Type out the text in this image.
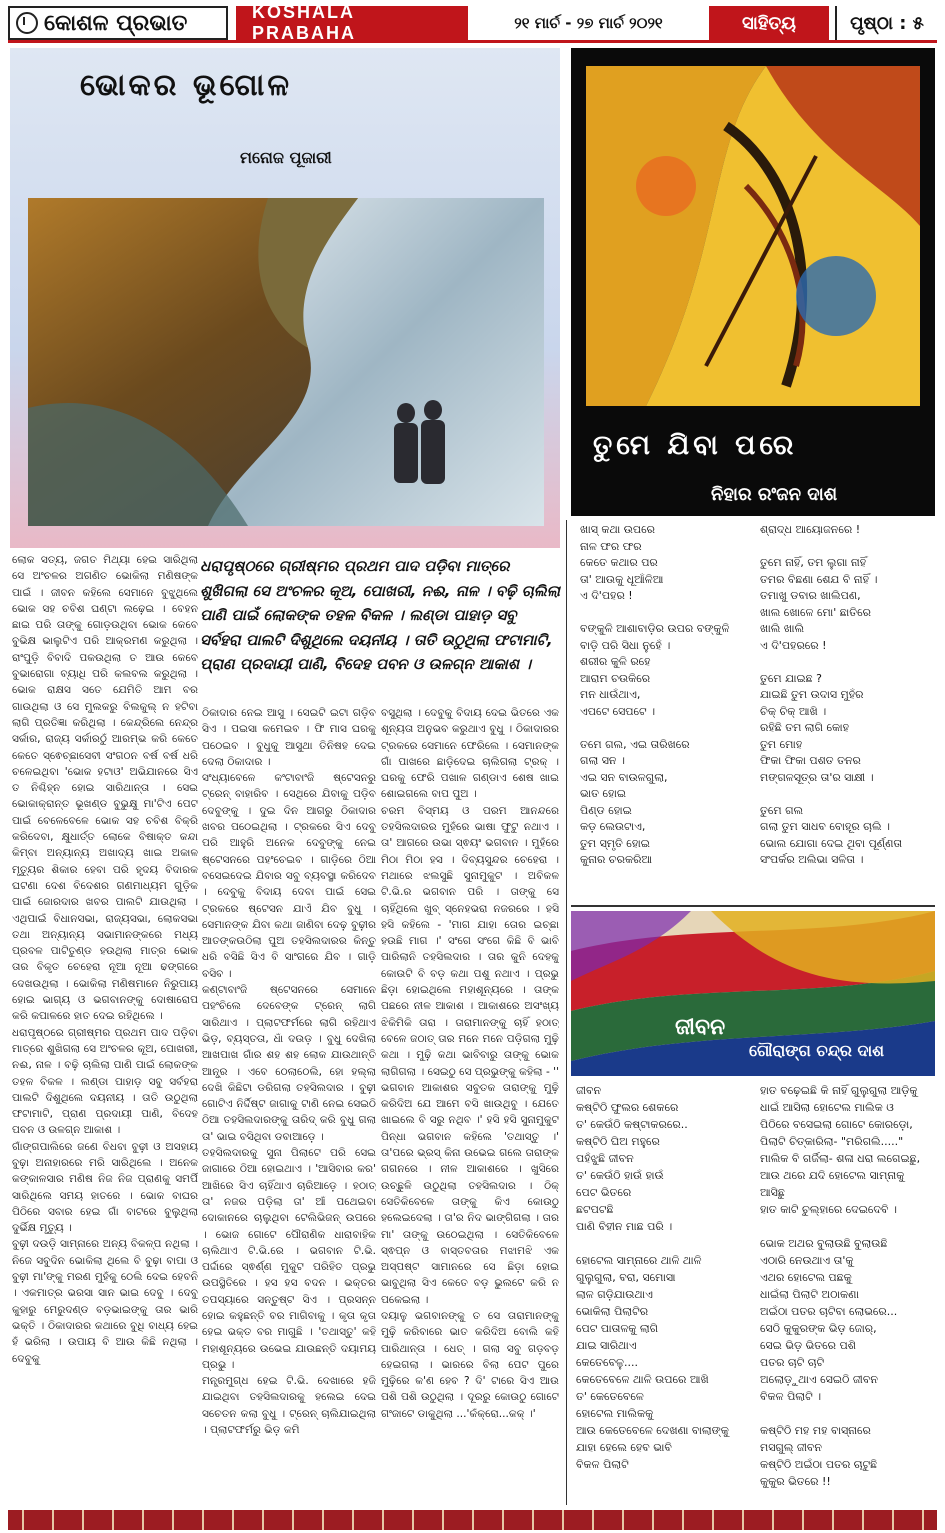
କୋଶଳ ପ୍ରଭାତ	KOSHALA PRABAHA	୨୧ ମାର୍ଚ - ୨୭ ମାର୍ଚ ୨୦୨୧	ସାହିତ୍ୟ	ପୃଷ୍ଠା : ୫
ଭୋକର ଭୂଗୋଳ
ମନୋଜ ପୂଜାରୀ
ତୁମେ ଯିବା ପରେ
ନିହାର ରଂଜନ ଦାଶ
ଧରାପୃଷ୍ଠରେ ଗ୍ରୀଷ୍ମର ପ୍ରଥମ ପାଦ ପଡ଼ିବା ମାତ୍ରେ ଶୁଖିଗଲା ସେ ଅଂଚଳର କୂଅ, ପୋଖରୀ, ନଈ, ନାଳ । ବଢ଼ି ଚାଲିଲା ପାଣି ପାଇଁ ଲୋକଙ୍କ ତହଳ ବିକଳ । ଲଣ୍ଡା ପାହାଡ଼ ସବୁ ସର୍ବହରା ପାଲଟି ଦିଶୁଥିଲେ ଦୟନୀୟ । ତାତି ଉଠୁଥିଲା ଫଟାମାଟି, ପ୍ରାଣ ପ୍ରଦାୟୀ ପାଣି, ବିଦେହ ପବନ ଓ ଉଳଗ୍ନ ଆକାଶ ।
ଲୋକ ସତ୍ୟ, ଜଗତ ମିଥ୍ୟା ହେଇ ସାରିଥିଲା ସେ ଅଂଚଳର ଅଗଣିତ ଭୋକିଲା ମଣିଷଙ୍କ ପାଇଁ । ଜୀବନ କହିଲେ ସେମାନେ ବୁଝୁଥିଲେ ଭୋକ ସହ ଚବିଶ ଘଣ୍ଟା ଲଢ଼େଇ । ବେହନ ଛାଇ ପରି ତାଙ୍କୁ ଗୋଡ଼ଉଥିବା ଭୋକ କେବେ ବୁଭିକ୍ଷ ଭାଲୁଟିଏ ପରି ଆକ୍ରମଣ କରୁଥିଲା । ରାଂପୁଡ଼ି ବିବାଦି ପକଉଥିଲା ତ ଆଉ କେବେ ବୁଭାରୋଗା ବ୍ୟାଧି ପରି କଲବଲ କରୁଥିଲା । ଭୋକ ରାକ୍ଷସ ସତେ ଯେମିତି ଆମ ବର ଗାଉଥିଲା ଓ ସେ ମୁଲକରୁ ବିଲକୁଲ୍ ନ ହଟିବା ଲାଗି ପ୍ରତିଜ୍ଞା କରିଥିଲା । କେନ୍ଦ୍ରିଲେ ନେନ୍ଦ୍ର ସର୍କାର, ରାଜ୍ୟ ସର୍କାରଠୁଁ ଆରମ୍ଭ କରି କେତେ କେତେ ସ୍ଵେଚ୍ଛାସେବୀ ସଂଗଠନ ବର୍ଷ ବର୍ଷ ଧରି ଚଳେଇଥିବା 'ଭୋକ ହଟାଓ' ଅଭିଯାନରେ ସିଏ ତ ନିଶ୍ଚିହ୍ନ ହୋଇ ସାରିଥାନ୍ତା । ସେଇ ଭୋକାକ୍ରାନ୍ତ ଭୂଖଣ୍ଡ ବୁଭୁକ୍ଷୁ ମା'ଟିଏ ପେଟ ପାଇଁ ବେଳେବେଳେ ଭୋକ ସହ ଚବିଶ ବିକ୍ରି କରିଦେବା, କ୍ଷୁଧାର୍ତ୍ତ ଲୋକେ ବିଷାକ୍ତ କନ୍ଦା କିମ୍ବା ଅନ୍ୟାନ୍ୟ ଅଖାଦ୍ୟ ଖାଇ ଅକାଳ ମୃତ୍ୟୁର ଶିକାର ହେବା ପରି ହୃଦୟ ବିଦାରକ ଘଟଣା ଦେଶ ବିଦେଶର ଗଣମାଧ୍ୟମ ଗୁଡ଼ିକ ପାଇଁ ଜୋରଦାର ଖବର ପାଲଟି ଯାଉଥିଲା । ଏଥିପାଇଁ ବିଧାନସଭା, ରାଜ୍ୟସଭା, ଲୋକସଭା ତଥା ଅନ୍ୟାନ୍ୟ ସଭାମାନଙ୍କରେ ମଧ୍ୟ ପ୍ରବଳ ପାଟିତୁଣ୍ଡ ହଉଥିଲା ମାତ୍ର ଭୋକ ତାର ବିକୃତ ଚେହେରା ନୂଆ ନୂଆ ଢଙ୍ଗରେ ଦେଖଉଥିଲା । ଭୋକିଲା ମଣିଷମାନେ ନିରୁପାୟ ହୋଇ ଭାଗ୍ୟ ଓ ଭଗବାନଙ୍କୁ ଦୋଷାରୋପ କରି କପାଳରେ ହାତ ଦେଇ ରହିଥିଲେ ।
ଧରାପୃଷ୍ଠରେ ଗ୍ରୀଷ୍ମର ପ୍ରଥମ ପାଦ ପଡ଼ିବା ମାତ୍ରେ ଶୁଖିଗଲା ସେ ଅଂଚଳର କୂଅ, ପୋଖରୀ, ନଈ, ନାଳ । ବଢ଼ି ଚାଲିଲା ପାଣି ପାଇଁ ଲୋକଙ୍କ ତହଳ ବିକଳ । ଲଣ୍ଡା ପାହାଡ଼ ସବୁ ସର୍ବହରା ପାଲଟି ଦିଶୁଥିଲେ ଦୟନୀୟ । ତାତି ଉଠୁଥିଲା ଫଟାମାଟି, ପ୍ରାଣ ପ୍ରଦାୟୀ ପାଣି, ବିଦେହ ପବନ ଓ ଉଳଗ୍ନ ଆକାଶ ।
ଗାଁଙ୍ଗପାଲିରେ ଜଣେ ବିଧବା ବୁଢ଼ୀ ଓ ଅସହାୟ ବୁଢ଼ା ଅନାହାରରେ ମରି ସାରିଥିଲେ । ଅନେକ କଙ୍କାଳସାର ମଣିଷ ନିଜ ନିଜ ପ୍ରାଣକୁ ସମର୍ପି ସାରିଥିଲେ ସମୟ ହାତରେ । ଭୋକ ବାଘର ପିଠିରେ ସବାର ହେଇ ଗାଁ ବାଟରେ ବୁଲୁଥିଲା ଦୁର୍ଭିକ୍ଷ ମୃତ୍ୟୁ ।
ବୁଢ଼ୀ ଦଉଡ଼ି ସାମ୍ନାରେ ଅନ୍ୟ ବିକଳ୍ପ ନଥିଲା । ନିଜେ ସବୁଦିନ ଭୋକିଲା ଥିଲେ ବି ବୁଢ଼ା ବାପା ଓ ବୁଢ଼ୀ ମା'ଙ୍କୁ ମରଣ ମୁହଁକୁ ଠେଲି ଦେଇ ହେବନି । ଏକମାତ୍ର ଭରସା ସାନ ଭାଇ ଦେବୁ । ଦେବୁ କୁହାରୁ ମେରୁଦଣ୍ଡ ବଡ଼ଭାଇଙ୍କୁ ତାର ଭାରି ଭକ୍ତି । ଠିକାଦାରର କଥାରେ ବୁଧି ବାଧ୍ୟ ହେଇ ହଁ ଭରିଲା । ଉପାୟ ବି ଆଉ କିଛି ନଥିଲା । ଦେବୁକୁ
ଠିକାଦାର ନେଇ ଆସୁ । ସେଇଟି ଇଟା ଗଡ଼ିବ ସିଏ । ପଇସା କମେଇବ । ଫି ମାସ ଘରକୁ ପଠେଇବ । ବୁଧୁକୁ ଆସୁଥା ତିନିଷହ ଦେଇ ଦେଲା ଠିକାଦାର ।
ସଂଧ୍ୟାବେଳେ କଂଟାବାଂଜି ଷ୍ଟେସନରୁ ଟ୍ରେନ୍ ବାହାରିବ । ସେଥିରେ ଯିବାକୁ ପଡ଼ିବ ଦେବୁଙ୍କୁ । ଦୁଇ ଦିନ ଆଗରୁ ଠିକାଦାର ଖବର ପଠେଇଥିଲା । ଟ୍ରକରେ ସିଏ ଦେବୁ ପରି ଆହୁରି ଅନେକ ଦେବୁଙ୍କୁ ନେଇ ଷ୍ଟେସନରେ ପହଂଚେଇବ । ଗାଡ଼ିରେ ଠିଆ ବସେଇଦେଇ ଯିବାର ସବୁ ବ୍ୟବସ୍ଥା କରିଦେବ । ଦେବୁକୁ ବିଦାୟ ଦେବା ପାଇଁ ସେଇ ଟ୍ରକରେ ଷ୍ଟେସନ ଯାଏଁ ଯିବ ବୁଧୁ । ସେମାନଙ୍କ ଯିବା କଥା ଜାଣିବା ଦେଢ଼ ବୁଢ଼ୀର ଆତଙ୍କଉଠିଲା ପୁଅ ତହସିଲଦାରର କିନ୍ତୁ ଧରି ବସିଛି ସିଏ ବି ସାଂଗରେ ଯିବ । ଗାଡ଼ି ବସିବ ।
କଣ୍ଟାବାଂଜି ଷ୍ଟେସନରେ ସେମାନେ ପହଂଚିଲେ ଦେବେଙ୍କ ଟ୍ରେନ୍ ଲାଗି ସାରିଥାଏ । ପ୍ଲାଟଫର୍ମରେ ଲାଗି ରହିଥାଏ ଭିଡ଼, ବ୍ୟସ୍ତତା, ଧାଁ ଦଉଡ଼ । ବୁଧୁ ଦେଖିଲା ଆଖପାଖ ଗାଁର ଶହ ଶହ ଲୋକ ଯାଉଥାନ୍ତି ଆନ୍ଧ୍ର । ଏବେ ଠେଲାଠେଲି, ହୋ ହଲ୍ଲା ଦେଖି କିଛିଟା ଡରିଗଲା ତହସିଲଦାର । ବୁଢ଼ୀ ଗୋଟିଏ ନିର୍ଦ୍ଦିଷ୍ଟ ଜାଗାକୁ ଟାଣି ନେଇ ସେଇଠି ଠିଆ ତହସିଲଦାରଙ୍କୁ ତାରିଦ୍ କରି ବୁଧୁ ଗଲା ତା' ଭାଇ ବସିଥିବା ଡବାଆଡ଼େ ।
ତହସିଲଦାରକୁ ସୁନା ପିଲାଟେ ପରି ସେଇ ଜାଗାରେ ଠିଆ ହୋଇଥାଏ । 'ଆସିବାର କର' ଆଖିରେ ସିଏ ଚାହିଁଥାଏ ଚାରିଆଡ଼େ । ହଠାତ୍ ତା' ନଜର ପଡ଼ିଲା ତା' ଆଁ ପଥେଇବା ଦୋକାନରେ ଚାଲୁଥିବା ଟେଲିଭିଜନ୍ ଉପରେ । ଭୋଜ ଗୋଟେ ପୌରାଣିକ ଧାରାବାହିକ ଚାଲିଥାଏ ଟି.ଭି.ରେ । ଭଗବାନ ଟି.ଭି. ପର୍ଦ୍ଦାରେ ସ୍ଵର୍ଣ୍ଣ ମୁକୁଟ ପରିହିତ ପ୍ରଭୁ ଉପସ୍ଥିତିରେ । ହସ ହସ ବଦନ । ଭକ୍ତର ତପସ୍ୟାରେ ସନ୍ତୁଷ୍ଟ ସିଏ । ପ୍ରସନ୍ନ ହୋଇ କହୁଛନ୍ତି ବର ମାଗିବାକୁ । କୃତା କୃତା ହେଇ ଭକ୍ତ ବର ମାଗୁଛି । 'ତଥାସ୍ତୁ' କହି ମହାଶୂନ୍ୟରେ ଉଭେଇ ଯାଉଛନ୍ତି ଦୟାମୟ ପ୍ରଭୁ ।
ମନ୍ତ୍ରମୁଗ୍ଧ ହେଇ ଟି.ଭି. ଦେଖାରେ ହଜି ଯାଇଥିବା ତହସିଲଦାରକୁ ହଲେଇ ଦେଇ ସଚେତନ କଲା ବୁଧୁ । ଟ୍ରେନ୍ ଚାଲିଯାଇଥିଲା । ପ୍ଲାଟଫର୍ମରୁ ଭିଡ଼ କମି
ବସୁଥିଲା । ଦେବୁକୁ ବିଦାୟ ଦେଇ ଭିତରେ ଏକ ଶୂନ୍ୟତା ଅନୁଭବ କରୁଥାଏ ବୁଧୁ । ଠିକାଦାରର ଟ୍ରକରେ ସେମାନେ ଫେରିଲେ । ସେମାନଙ୍କ ଗାଁ ପାଖରେ ଛାଡ଼ିଦେଇ ଚାଲିଗଲା ଟ୍ରକ୍ । ଘରକୁ ଫେରି ପଖାଳ ଗଣ୍ଡାଏ ଶେଷ ଖାଇ ଶୋଇଗଲେ ବାପ ପୁଅ ।
ଚରମ ବିସ୍ମୟ ଓ ପରମ ଆନନ୍ଦରେ ତହସିଲଦାରର ମୁହଁରେ ଭାଷା ଫୁଟୁ ନଥାଏ । ତା' ଆଗରେ ଉଭା ସ୍ଵୟଂ ଭଗବାନ । ମୁହଁରେ ମିଠା ମିଠା ହସ । ଦିବ୍ୟସୁନ୍ଦର ଚେହେରା । ମଥାରେ ଝଲସୁଛି ସୁନାମୁକୁଟ । ଅବିକଳ ଟି.ଭି.ର ଭଗବାନ ପରି । ତାଙ୍କୁ ସେ ଚାହିଁଥିଲେ ଖୁବ୍ ସ୍ନେହଭରା ନଜରରେ । ହସି ହସି କହିଲେ - 'ମାଗ ଯାହା ତୋର ଇଚ୍ଛା ହଉଛି ମାଗ ।' ସଂଗେ ସଂଗେ କିଛି ବି ଭାବି ପାରିଲାନି ତହସିଲଦାର । ତାର କୁନି ଦେହକୁ କୋଉଟି ବି ବଡ଼ କଥା ପଶୁ ନଥାଏ । ପ୍ରଭୁ ଛିଡ଼ା ହୋଇଥିଲେ ମହାଶୂନ୍ୟରେ । ତାଙ୍କ ପଛରେ ନୀଳ ଆକାଶ । ଆକାଶରେ ଅସଂଖ୍ୟ ଝିକିମିକି ତାରା । ତାରାମାନଙ୍କୁ ଚାହିଁ ହଠାତ୍ ବେଳେ ଜଠାତ୍ ତାର ମନେ ମନେ ପଡ଼ିଗଲା ମୁଢ଼ି କଥା । ମୁଢ଼ି କଥା ଭାବିବାରୁ ତାଙ୍କୁ ଭୋକ ଲାଗିଗଲା । ସେଇଠୁ ସେ ପ୍ରଭୁଙ୍କୁ କହିଲା - '' ଭଗବାନ ଆକାଶର ସବୁତକ ତାରାଙ୍କୁ ମୁଢ଼ି କରିଦିଅ ଯେ ଆମେ ବସି ଖାଉଥିବୁ । ଯେତେ ଖାଇଲେ ବି ସରୁ ନଥିବ ।' ହସି ହସି ସୁନାମୁକୁଟ ପିନ୍ଧା ଭଗବାନ କହିଲେ 'ତଥାସ୍ତୁ ।' ତା'ପରେ ଭ୍ରସ୍ କିନା ଉଭେଇ ଗଲେ ତାରାଙ୍କ ଗଗନରେ । ନୀଳ ଆକାଶରେ । ଖୁସିରେ ଉଚ୍ଛୁଳି ଉଠୁଥିଲା ତହସିଲଦାର । ଠିକ୍ ସେତିକିବେଳେ ତାଙ୍କୁ କିଏ କୋଉଠୁ ହଲେଇଦେଲା । ତା'ର ନିଦ ଭାଙ୍ଗିଗଲା । ତାର ମା' ତାଙ୍କୁ ଉଠେଇଥିଲା । ସେତିକିବେଳେ ସ୍ଵପ୍ନ ଓ ବାସ୍ତବତାର ମଝାମଝି ଏକ ଅସ୍ପଷ୍ଟ ସାମାନରେ ସେ ଛିଡ଼ା ହୋଇ ଭାବୁଥିଲା ସିଏ କେତେ ବଡ଼ ଭୁଲଟେ କରି ନ ପକେଇଲା ।
ଦୟାଳୁ ଭଗବାନଙ୍କୁ ତ ସେ ତାରାମାନଙ୍କୁ ମୁଢ଼ି କରିବାରେ ଭାତ କରିଦିଅ ବୋଲି କହି ପାରିଥାନ୍ତା । ଧେତ୍ । ଗଲା ସବୁ ଗଡ଼ବଡ଼ ହେଇଗଲା । ଭାରରେ ବିଲା ପେଟ ପୁରେ ମୁଢ଼ିରେ କ'ଣ ହେବ ? ଦି' ଟାରେ ସିଏ ଆଉ ପଶି ପଶି ଉଠୁଥିଲା । ଦୂରରୁ କୋଉଠୁ ଗୋଟେ ଗଂଜାଟେ ଡାକୁଥିଲା ...'କଁକ୍ରୋ...କକ୍ ।'
ଖାସ୍ କଥା ଉପରେ
ନାଳ ଫର ଫର
କେତେ କଥାର ପର
ତା' ଆଉକୁ ଧୂଆଁଳିଆ
ଏ ଦି'ପହର !

ବଙ୍କୁଳି ଆଶାବାଡ଼ିର ଉପର ବଙ୍କୁଳି
ବାଡ଼ି ପରି ସିଧା ନୁହେଁ ।
ଶରୀର କୁଳି ରହେ
ଆରାମ ଚଉକିରେ
ମନ ଧାଉଁଥାଏ,
ଏପଟେ ସେପଟେ ।

ତମେ ଗଲ, ଏଇ ତାରିଖରେ
ଗଲା ସନ ।
ଏଇ ସନ ବାଉଳଗୁଲା,
ଭାତ ହୋଇ
ପିଣ୍ଡ ହୋଇ
କଡ଼ ଲେଉଟାଏ,
ତୁମ ସ୍ମୃତି ହୋଇ
କୁନାର ଚରକରିଆ
ଶ୍ରାଦ୍ଧ ଆୟୋଜନରେ !

ତୁମେ ନାହିଁ, ତମ ଲୁଗା ନାହିଁ
ତମର ବିଛଣା ଶେଯ ବି ନାହିଁ ।
ତମାଖୁ ଡବାର ଖାଲିପଣ,
ଖାଲ ଖୋଳେ ମୋ' ଛାତିରେ
ଖାଲି ଖାଲି
ଏ ଦି'ପହରରେ !

ତୁମେ ଯାଇଛ ?
ଯାଇଛି ତୁମ ଉଦାସ ମୁହଁର
ଚିକ୍ ଚିକ୍ ଆଖି ।
ରହିଛି ତମ ଲାଗି କୋହ
ତୁମ ମୋହ
ଫିକା ଫିକା ପଶତ ତନର
ମଙ୍ଗଳସୂତ୍ର ତା'ର ସାକ୍ଷୀ ।

ତୁମେ ଗଲ
ଗଲା ତୁମ ସାଧବ ବୋହୂର ଚାଲି ।
ଭୋଲ ଯୋଗା ଦେଇ ଥିବା ପୂର୍ଣ୍ଣତା
ସଂପର୍କର ଅଲିଭା ସଳିତା ।
ଜୀବନ
ଗୌରାଙ୍ଗ ଚନ୍ଦ୍ର ଦାଶ
ଜୀବନ
କଷ୍ଟିଠି ଫୁଲର ଶେକରେ
ତ' କେଉଁଠି କଷ୍ଟାକରରେ..
କଷ୍ଟିଠି ଘିଅ ମହୁରେ
ପହଁଝୁଛି ଜୀବନ
ତ' କେଉଁଠି ହାଉଁ ହାଉଁ
ପେଟ ଭିତରେ
ଛଟପଟଛି
ପାଣି ବିହୀନ ମାଛ ପରି ।

ହୋଟେଲ ସାମ୍ନାରେ ଥାଳି ଥାଳି
ଗୁଲୁଗୁଲା, ବରା, ସମୋସା
ଲାଳ ଗଡ଼ିଯାଉଥାଏ
ଭୋକିଲା ପିଲାଟିର
ପେଟ ପାତାଳକୁ ଲାଗି
ଯାଇ ସାରିଥାଏ
କେତେବେଳୁ....
କେତେବେଳେ ଥାଳି ଉପରେ ଆଖି
ତ' କେତେବେଳେ
ହୋଟେଲ ମାଲିକକୁ
ଆଉ କେତେବେଳେ ଦେଖଣା ବାଲାଙ୍କୁ
ଯାହା ହେଲେ ହେବ ଭାବି
ବିକଳ ପିଲାଟି
ହାତ ବଢ଼େଇଛି କି ନାହିଁ ଗୁଲୁଗୁଲା ଆଡ଼ିକୁ
ଧାଇଁ ଆସିଲା ହୋଟେଲ ମାଲିକ ଓ
ପିଠିରେ ବସେଇଲା ଗୋଟେ କୋରଡ଼ୋ,
ପିଲାଟି ଚିତ୍କାରିଲା- "ମରିଗଲି....."
ମାଲିକ ବି ଗର୍ଜିଲା- ଶଳା ଧରା ଲଗେଇଛୁ,
ଆଉ ଥରେ ଯଦି ହୋଟେଲ ସାମ୍ନାକୁ ଆସିଛୁ
ହାତ କାଟି ଚୁଲ୍ହାରେ ଦେଇଦେବି ।

ଭୋକ ଅଥର ବୁଲାଉଛି ବୁଲାଉଛି
ଏଠାରି ନେଉଥାଏ ତା'କୁ
ଏଥର ହୋଟେଲ ପଛକୁ
ଧାଇଁଲା ପିଲାଟି ଅଠାକଣା
ଅଇଁଠା ପତର ଚାଟିବା ଲୋଭରେ...
ସେଠି କୁକୁରଙ୍କ ଭିଡ଼ ଜୋର୍,
ସେଇ ଭିଡ଼ ଭିତରେ ପଶି
ପତର ଚାଟି ଚାଟି
ଅଲୋଡ଼ୁଥାଏ ସେଇଠି ଜୀବନ
ବିକଳ ପିଲାଟି ।

କଷ୍ଟିଠି ମହ ମହ ବାସ୍ନାରେ
ମସଗୁଲ୍ ଜୀବନ
କଷ୍ଟିଠି ଅଇଁଠା ପତର ଚାଟୁଛି
କୁକୁର ଭିତରେ !!
